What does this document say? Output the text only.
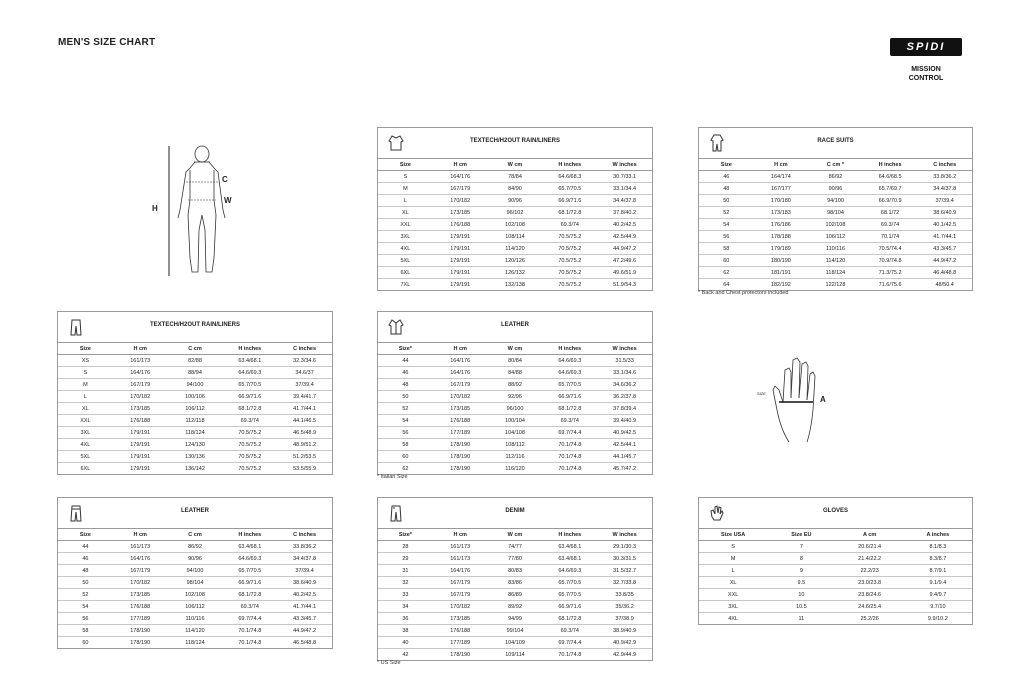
MEN'S SIZE CHART	SPIDI
MISSION
CONTROL
H
C
W
A
SIZE
TEXTECH/H2OUT RAIN/LINERS
Size	H cm	W cm	H inches	W inches
S	164/176	78/84	64.6/68.3	30.7/33.1
M	167/179	84/90	65.7/70.5	33.1/34.4
L	170/182	90/96	66.9/71.6	34.4/37.8
XL	173/185	96/102	68.1/72.8	37.8/40.2
XXL	176/188	102/108	69.3/74	40.2/42.5
3XL	179/191	108/114	70.5/75.2	42.5/44.9
4XL	179/191	114/120	70.5/75.2	44.9/47.2
5XL	179/191	120/126	70.5/75.2	47.2/49.6
6XL	179/191	126/132	70.5/75.2	49.6/51.9
7XL	179/191	132/138	70.5/75.2	51.9/54.3
RACE SUITS
Size	H cm	C cm *	H inches	C inches
46	164/174	86/92	64.6/68.5	33.8/36.2
48	167/177	90/96	65.7/69.7	34.4/37.8
50	170/180	94/100	66.9/70.9	37/39.4
52	173/183	98/104	68.1/72	38.6/40.9
54	176/186	102/108	69.3/74	40.1/42.5
56	178/188	106/112	70.1/74	41.7/44.1
58	179/189	110/116	70.5/74.4	43.3/45.7
60	180/190	114/120	70.9/74.8	44.9/47.2
62	181/191	118/124	71.3/75.2	46.4/48.8
64	182/192	122/128	71.6/75.6	48/50.4
* Back and Chest protectors included
TEXTECH/H2OUT RAIN/LINERS
Size	H cm	C cm	H inches	C inches
XS	161/173	82/88	63.4/68.1	32.3/34.6
S	164/176	88/94	64.6/69.3	34.6/37
M	167/179	94/100	65.7/70.5	37/39.4
L	170/182	100/106	66.9/71.6	39.4/41.7
XL	173/185	106/112	68.1/72.8	41.7/44.1
XXL	176/188	112/118	69.3/74	44.1/46.5
3XL	179/191	118/124	70.5/75.2	46.5/48.9
4XL	179/191	124/130	70.5/75.2	48.9/51.2
5XL	179/191	130/136	70.5/75.2	51.2/53.5
6XL	179/191	136/142	70.5/75.2	53.5/55.9
LEATHER
Size*	H cm	W cm	H inches	W inches
44	164/176	80/84	64.6/69.3	31.5/33
46	164/176	84/88	64.6/69.3	33.1/34.6
48	167/179	88/92	65.7/70.5	34.6/36.2
50	170/182	92/96	66.9/71.6	36.2/37.8
52	173/185	96/100	68.1/72.8	37.8/39.4
54	176/188	100/104	69.3/74	39.4/40.9
56	177/189	104/108	69.7/74.4	40.9/42.5
58	178/190	108/112	70.1/74.8	42.5/44.1
60	178/190	112/116	70.1/74.8	44.1/45.7
62	178/190	116/120	70.1/74.8	45.7/47.2
* Italian Size
LEATHER
Size	H cm	C cm	H inches	C inches
44	161/173	86/92	63.4/68.1	33.8/36.2
46	164/176	90/96	64.6/69.3	34.4/37.8
48	167/179	94/100	65.7/70.5	37/39.4
50	170/182	98/104	66.9/71.6	38.6/40.9
52	173/185	102/108	68.1/72.8	40.2/42.5
54	176/188	106/112	69.3/74	41.7/44.1
56	177/189	110/116	69.7/74.4	43.3/45.7
58	178/190	114/120	70.1/74.8	44.9/47.2
60	178/190	118/124	70.1/74.8	46.5/48.8
DENIM
Size*	H cm	W cm	H inches	W inches
28	161/173	74/77	63.4/68.1	29.1/30.3
29	161/173	77/80	63.4/68.1	30.3/31.5
31	164/176	80/83	64.6/69.3	31.5/32.7
32	167/179	83/86	65.7/70.5	32.7/33.8
33	167/179	86/89	65.7/70.5	33.8/35
34	170/182	89/92	66.9/71.6	35/36.2
36	173/185	94/99	68.1/72.8	37/38.9
38	176/188	99/104	69.3/74	38.9/40.9
40	177/189	104/109	69.7/74.4	40.9/42.9
42	178/190	109/114	70.1/74.8	42.9/44.9
* US Size
GLOVES
Size USA	Size EU	A cm	A inches
S	7	20.6/21.4	8.1/8.3
M	8	21.4/22.2	8.3/8.7
L	9	22.2/23	8.7/9.1
XL	9.5	23.0/23.8	9.1/9.4
XXL	10	23.8/24.6	9.4/9.7
3XL	10.5	24.6/25.4	9.7/10
4XL	11	25.2/26	9.9/10.2
